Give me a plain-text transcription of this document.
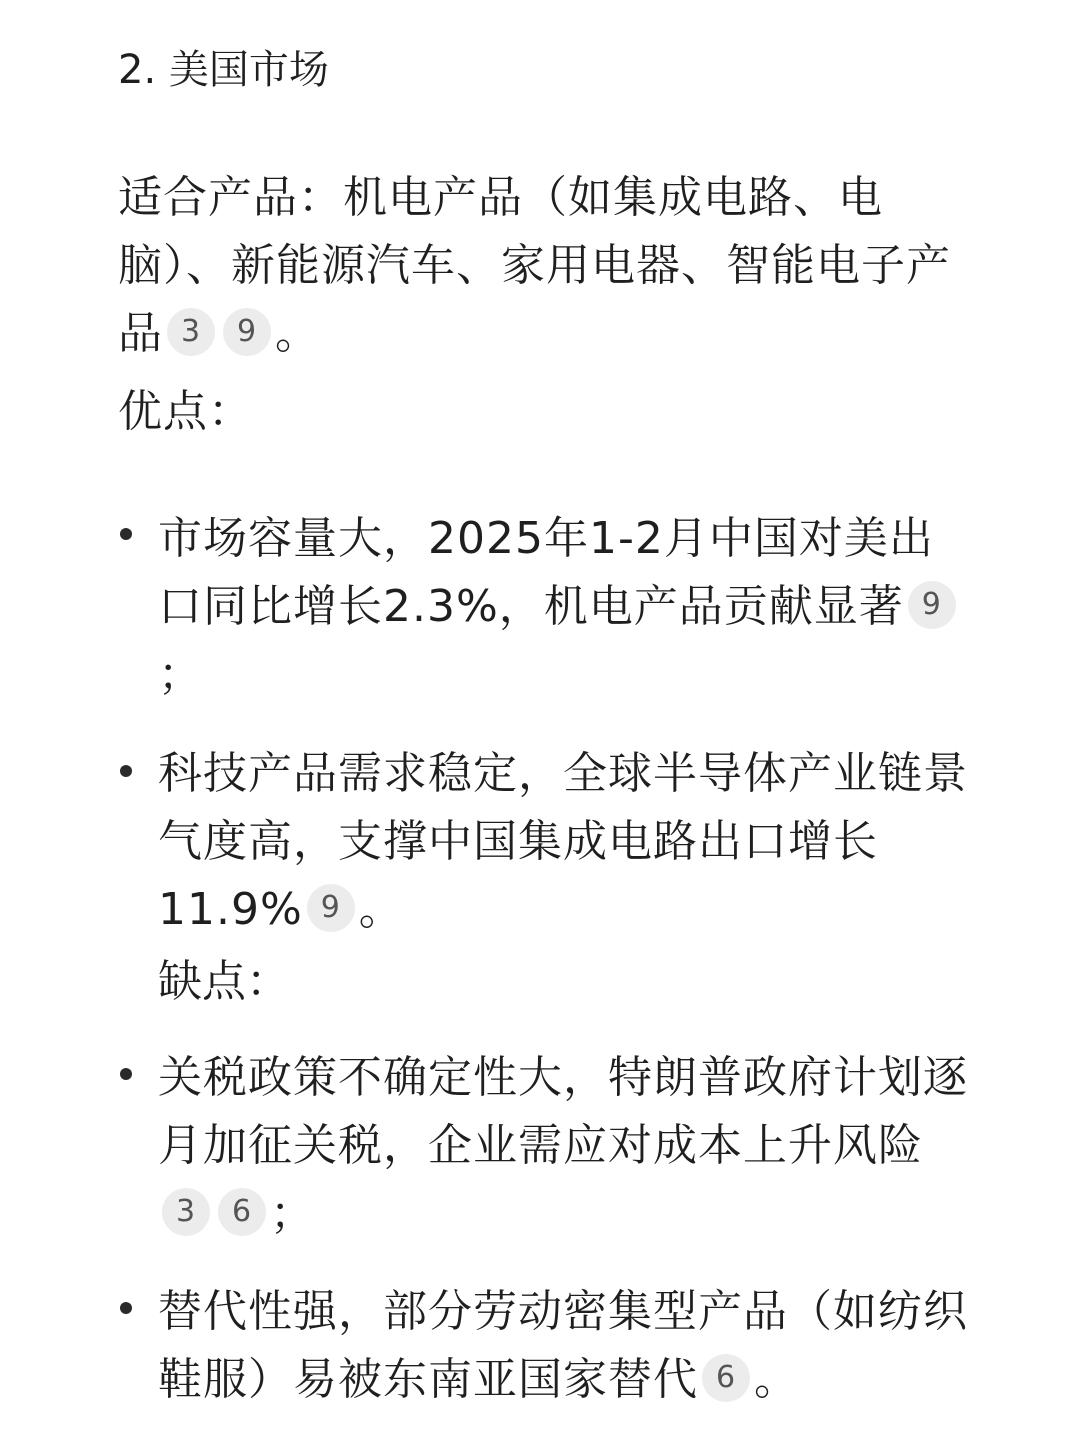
2. 美国市场
适合产品：机电产品（如集成电路、电脑）、新能源汽车、家用电器、智能电子产品 3 9 。
优点：
市场容量大，2025年1-2月中国对美出口同比增长2.3%，机电产品贡献显著 9；
科技产品需求稳定，全球半导体产业链景气度高，支撑中国集成电路出口增长11.9% 9 。
缺点：
关税政策不确定性大，特朗普政府计划逐月加征关税，企业需应对成本上升风险3 6 ；
替代性强，部分劳动密集型产品（如纺织鞋服）易被东南亚国家替代 6 。
